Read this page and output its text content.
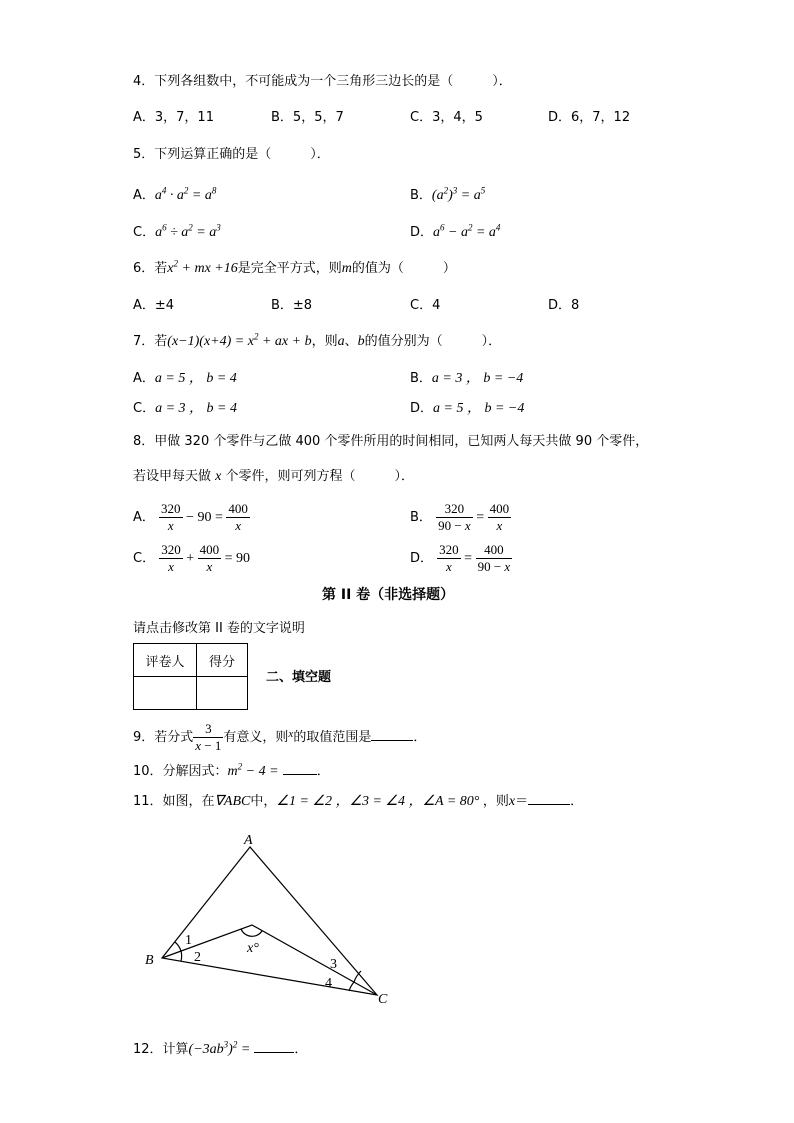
4．下列各组数中，不可能成为一个三角形三边长的是（　　　）．
A．3，7，11	B．5，5，7	C．3，4，5	D．6，7，12
5．下列运算正确的是（　　　）．
A．$a^4 \cdot a^2 = a^8$	B．$(a^2)^3 = a^5$
C．$a^6 \div a^2 = a^3$	D．$a^6 - a^2 = a^4$
6．若$x^2$ + mx +16是完全平方式，则m的值为（　　　）
A．±4	B．±8	C．4	D．8
7．若$(x-1)(x+4) = x^2$ + ax + b，则a、b的值分别为（　　　）．
A．a = 5 ， b = 4	B．a = 3 ， b = −4
C．a = 3 ， b = 4	D．a = 5 ， b = −4
8．甲做 320 个零件与乙做 400 个零件所用的时间相同，已知两人每天共做 90 个零件，
若设甲每天做 x 个零件，则可列方程（　　　）．
A． $\frac{320}{x} - 90 = \frac{400}{x}$	B． $\frac{320}{90 - x} = \frac{400}{x}$
C． $\frac{320}{x} + \frac{400}{x} = 90$	D． $\frac{320}{x} = \frac{400}{90 - x}$
第 II 卷（非选择题）
请点击修改第 II 卷的文字说明
评卷人	得分

二、填空题
9．若分式 $\frac{3}{x - 1}$ 有意义，则$^x$的取值范围是	．
10．分解因式：$m^2 - 4$ =	．
11．如图，在∇ABC中，∠1 = ∠2 ，∠3 = ∠4 ，∠A = 80° ，则x＝	．
A
B
C
1
2	3
4
x°
12．计算$(-3ab^3)^2$ =	．
